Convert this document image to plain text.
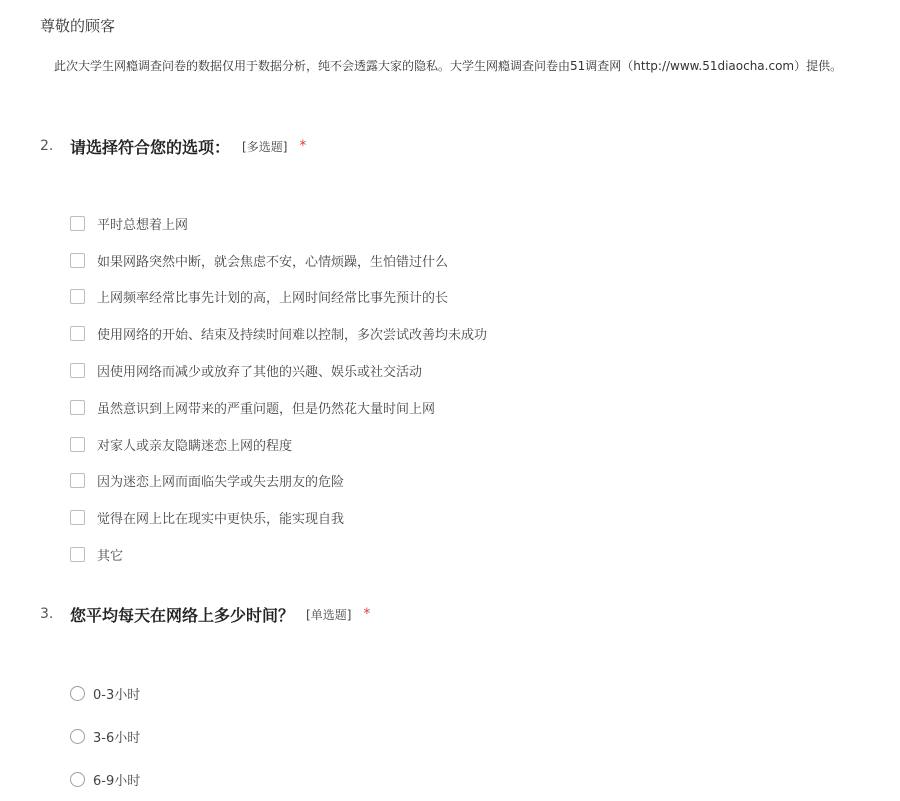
尊敬的顾客
此次大学生网瘾调查问卷的数据仅用于数据分析，纯不会透露大家的隐私。大学生网瘾调查问卷由51调查网（http://www.51diaocha.com）提供。
2.	请选择符合您的选项： [多选题] *
平时总想着上网
如果网路突然中断，就会焦虑不安，心情烦躁，生怕错过什么
上网频率经常比事先计划的高，上网时间经常比事先预计的长
使用网络的开始、结束及持续时间难以控制，多次尝试改善均未成功
因使用网络而减少或放弃了其他的兴趣、娱乐或社交活动
虽然意识到上网带来的严重问题，但是仍然花大量时间上网
对家人或亲友隐瞒迷恋上网的程度
因为迷恋上网而面临失学或失去朋友的危险
觉得在网上比在现实中更快乐，能实现自我
其它
3.	您平均每天在网络上多少时间？ [单选题] *
0-3小时
3-6小时
6-9小时
